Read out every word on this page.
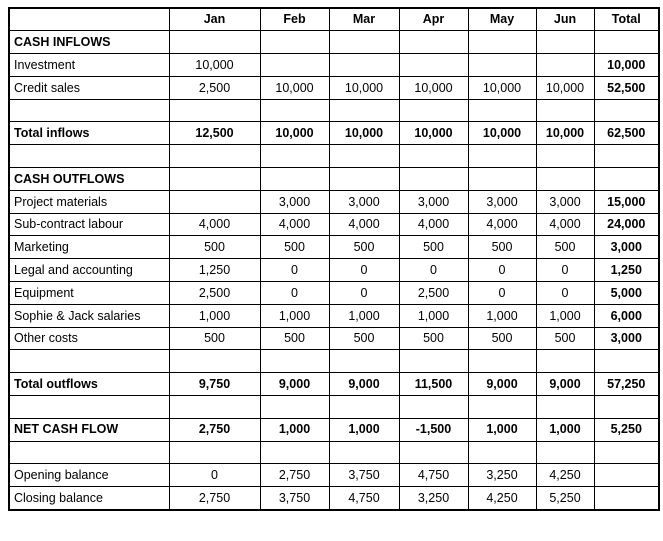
	Jan	Feb	Mar	Apr	May	Jun	Total
CASH INFLOWS							
Investment	10,000						10,000
Credit sales	2,500	10,000	10,000	10,000	10,000	10,000	52,500

Total inflows	12,500	10,000	10,000	10,000	10,000	10,000	62,500

CASH OUTFLOWS							
Project materials		3,000	3,000	3,000	3,000	3,000	15,000
Sub-contract labour	4,000	4,000	4,000	4,000	4,000	4,000	24,000
Marketing	500	500	500	500	500	500	3,000
Legal and accounting	1,250	0	0	0	0	0	1,250
Equipment	2,500	0	0	2,500	0	0	5,000
Sophie & Jack salaries	1,000	1,000	1,000	1,000	1,000	1,000	6,000
Other costs	500	500	500	500	500	500	3,000

Total outflows	9,750	9,000	9,000	11,500	9,000	9,000	57,250

NET CASH FLOW	2,750	1,000	1,000	-1,500	1,000	1,000	5,250

Opening balance	0	2,750	3,750	4,750	3,250	4,250	
Closing balance	2,750	3,750	4,750	3,250	4,250	5,250	
